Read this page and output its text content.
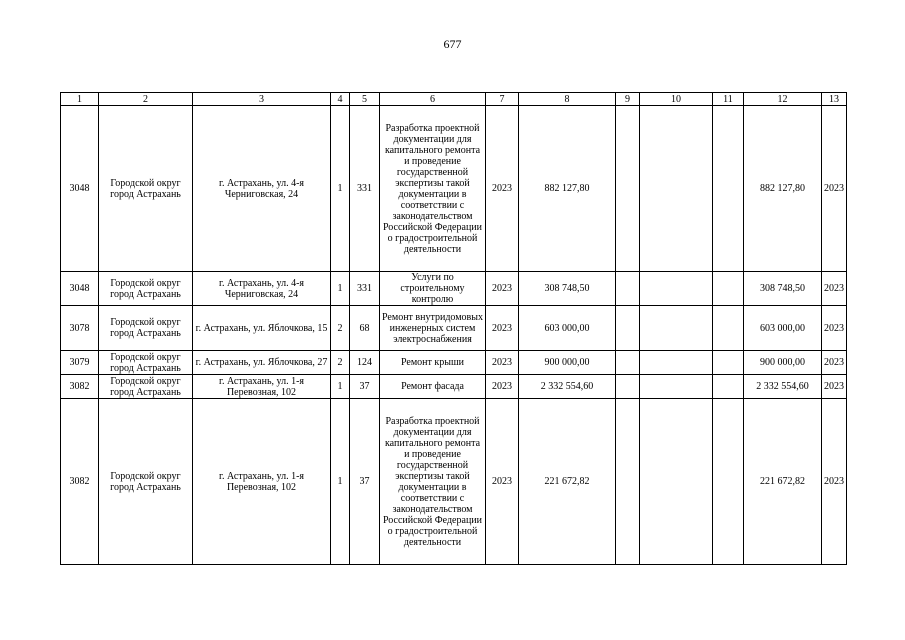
677
1	2	3	4	5	6	7	8	9	10	11	12	13
3048	Городской округ город Астрахань	г. Астрахань, ул. 4-я Черниговская, 24	1	331	Разработка проектной документации для капитального ремонта и проведение государственной экспертизы такой документации в соответствии с законодательством Российской Федерации о градостроительной деятельности	2023	882 127,80				882 127,80	2023
3048	Городской округ город Астрахань	г. Астрахань, ул. 4-я Черниговская, 24	1	331	Услуги по строительному контролю	2023	308 748,50				308 748,50	2023
3078	Городской округ город Астрахань	г. Астрахань, ул. Яблочкова, 15	2	68	Ремонт внутридомовых инженерных систем электроснабжения	2023	603 000,00				603 000,00	2023
3079	Городской округ город Астрахань	г. Астрахань, ул. Яблочкова, 27	2	124	Ремонт крыши	2023	900 000,00				900 000,00	2023
3082	Городской округ город Астрахань	г. Астрахань, ул. 1-я Перевозная, 102	1	37	Ремонт фасада	2023	2 332 554,60				2 332 554,60	2023
3082	Городской округ город Астрахань	г. Астрахань, ул. 1-я Перевозная, 102	1	37	Разработка проектной документации для капитального ремонта и проведение государственной экспертизы такой документации в соответствии с законодательством Российской Федерации о градостроительной деятельности	2023	221 672,82				221 672,82	2023
